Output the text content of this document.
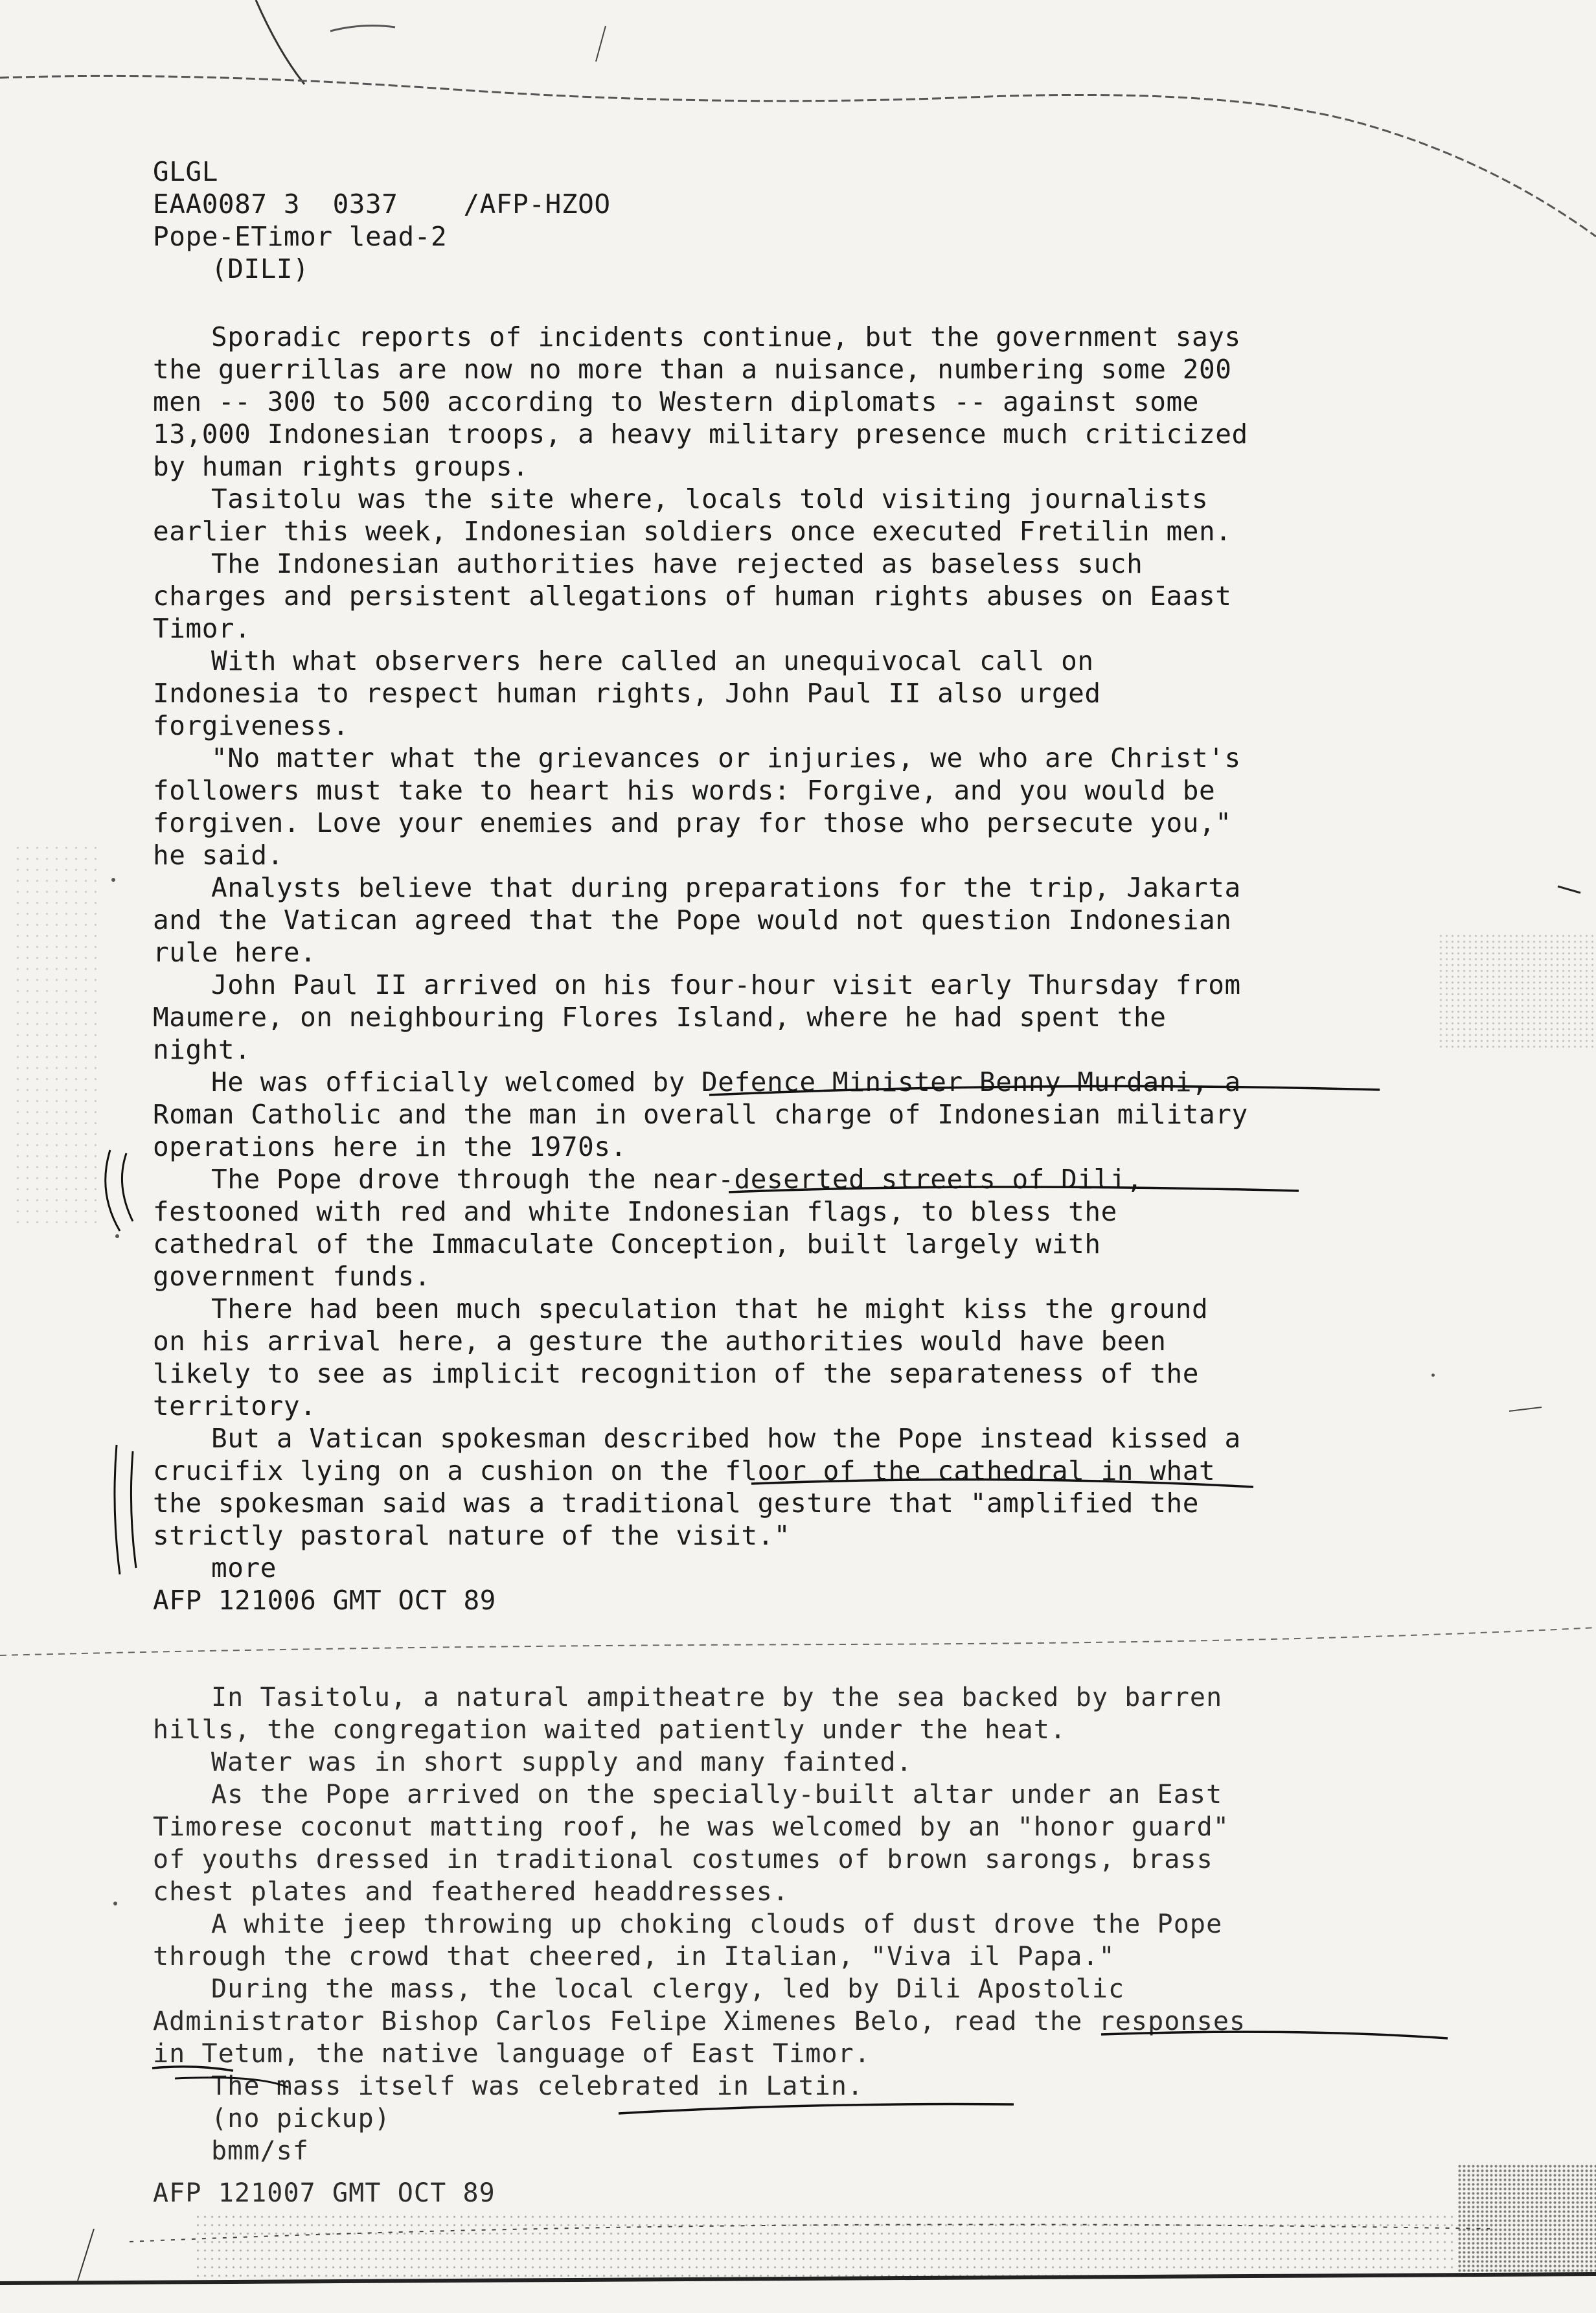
GLGL
EAA0087 3  0337    /AFP-HZOO
Pope-ETimor lead-2
(DILI)
Sporadic reports of incidents continue, but the government says
the guerrillas are now no more than a nuisance, numbering some 200
men -- 300 to 500 according to Western diplomats -- against some
13,000 Indonesian troops, a heavy military presence much criticized
by human rights groups.
Tasitolu was the site where, locals told visiting journalists
earlier this week, Indonesian soldiers once executed Fretilin men.
The Indonesian authorities have rejected as baseless such
charges and persistent allegations of human rights abuses on Eaast
Timor.
With what observers here called an unequivocal call on
Indonesia to respect human rights, John Paul II also urged
forgiveness.
"No matter what the grievances or injuries, we who are Christ's
followers must take to heart his words: Forgive, and you would be
forgiven. Love your enemies and pray for those who persecute you,"
he said.
Analysts believe that during preparations for the trip, Jakarta
and the Vatican agreed that the Pope would not question Indonesian
rule here.
John Paul II arrived on his four-hour visit early Thursday from
Maumere, on neighbouring Flores Island, where he had spent the
night.
He was officially welcomed by Defence Minister Benny Murdani, a
Roman Catholic and the man in overall charge of Indonesian military
operations here in the 1970s.
The Pope drove through the near-deserted streets of Dili,
festooned with red and white Indonesian flags, to bless the
cathedral of the Immaculate Conception, built largely with
government funds.
There had been much speculation that he might kiss the ground
on his arrival here, a gesture the authorities would have been
likely to see as implicit recognition of the separateness of the
territory.
But a Vatican spokesman described how the Pope instead kissed a
crucifix lying on a cushion on the floor of the cathedral in what
the spokesman said was a traditional gesture that "amplified the
strictly pastoral nature of the visit."
more
AFP 121006 GMT OCT 89
In Tasitolu, a natural ampitheatre by the sea backed by barren
hills, the congregation waited patiently under the heat.
Water was in short supply and many fainted.
As the Pope arrived on the specially-built altar under an East
Timorese coconut matting roof, he was welcomed by an "honor guard"
of youths dressed in traditional costumes of brown sarongs, brass
chest plates and feathered headdresses.
A white jeep throwing up choking clouds of dust drove the Pope
through the crowd that cheered, in Italian, "Viva il Papa."
During the mass, the local clergy, led by Dili Apostolic
Administrator Bishop Carlos Felipe Ximenes Belo, read the responses
in Tetum, the native language of East Timor.
The mass itself was celebrated in Latin.
(no pickup)
bmm/sf
AFP 121007 GMT OCT 89
